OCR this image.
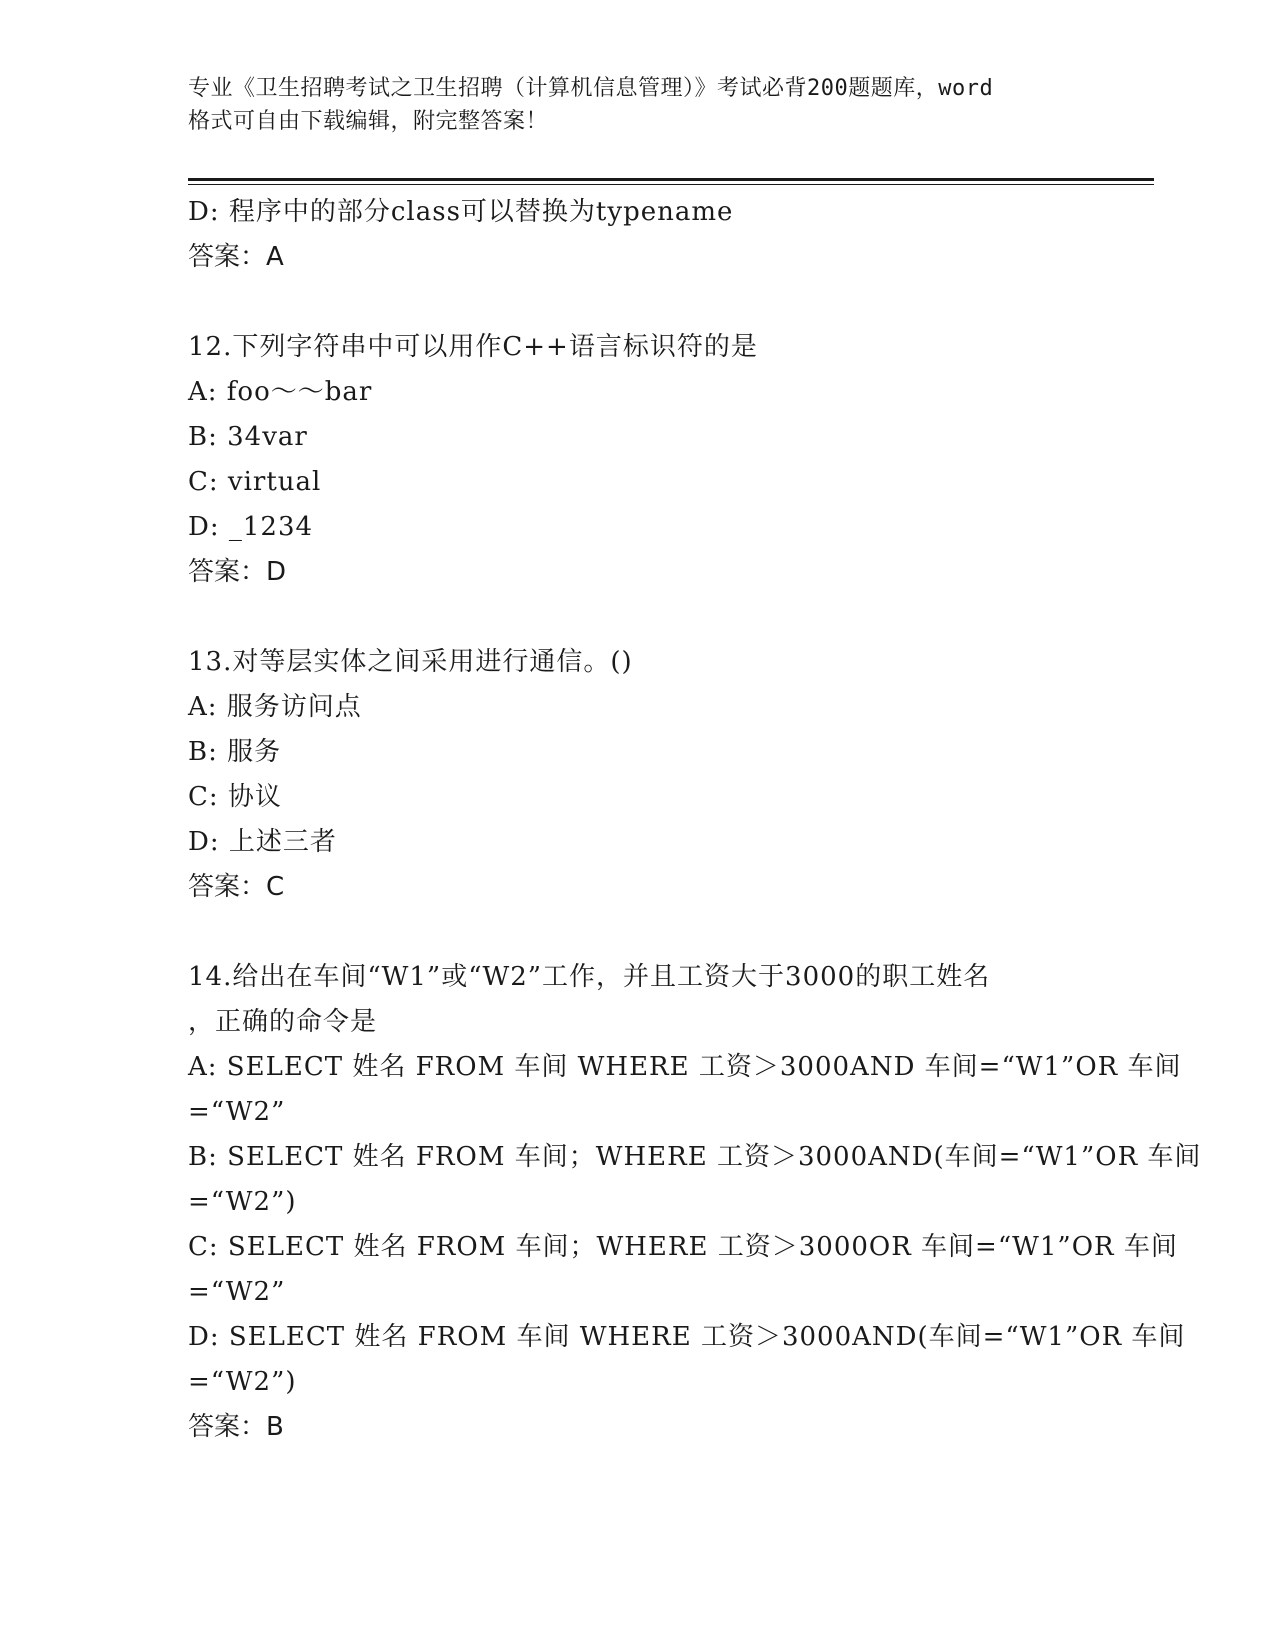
专业《卫生招聘考试之卫生招聘（计算机信息管理）》考试必背200题题库，word
格式可自由下载编辑，附完整答案！
D: 程序中的部分class可以替换为typename
答案：A
12.下列字符串中可以用作C++语言标识符的是
A: foo～～bar
B: 34var
C: virtual
D: _1234
答案：D
13.对等层实体之间采用进行通信。()
A: 服务访问点
B: 服务
C: 协议
D: 上述三者
答案：C
14.给出在车间“W1”或“W2”工作，并且工资大于3000的职工姓名
，正确的命令是
A: SELECT 姓名 FROM 车间 WHERE 工资＞3000AND 车间=“W1”OR 车间
=“W2”
B: SELECT 姓名 FROM 车间；WHERE 工资＞3000AND(车间=“W1”OR 车间
=“W2”)
C: SELECT 姓名 FROM 车间；WHERE 工资＞3000OR 车间=“W1”OR 车间
=“W2”
D: SELECT 姓名 FROM 车间 WHERE 工资＞3000AND(车间=“W1”OR 车间
=“W2”)
答案：B
